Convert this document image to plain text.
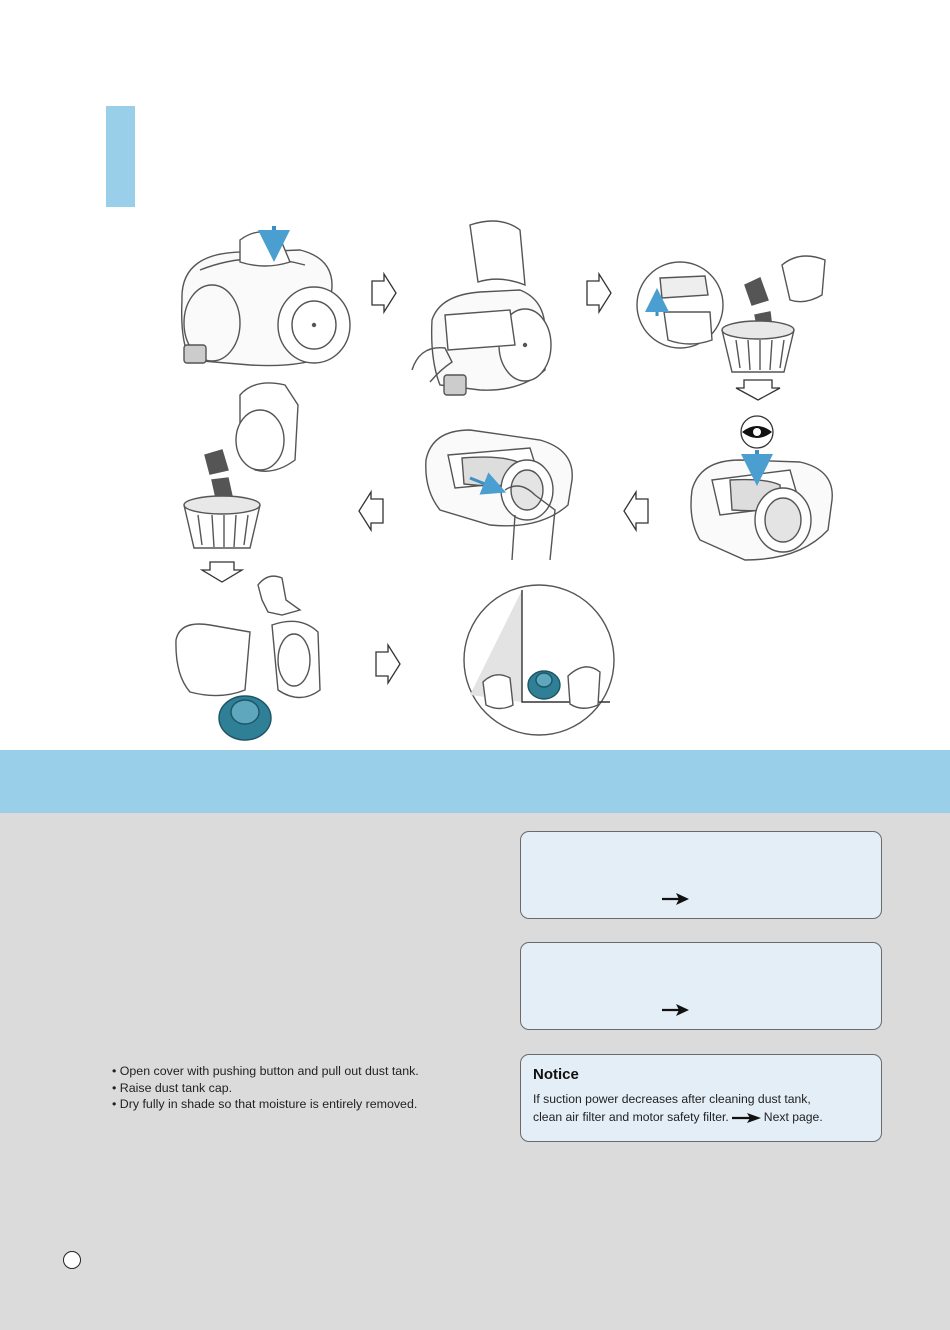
Notice
If suction power decreases after cleaning dust tank,
clean air filter and motor safety filter.	Next page.
• Open cover with pushing button and pull out dust tank.
• Raise dust tank cap.
• Dry fully in shade so that moisture is entirely removed.
